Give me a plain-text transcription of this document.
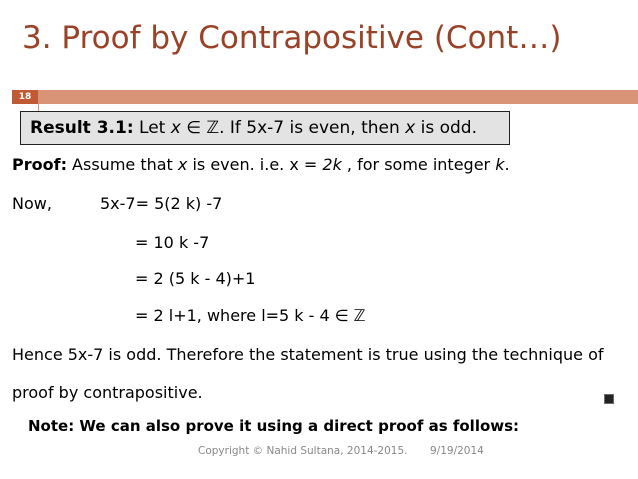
3. Proof by Contrapositive (Cont…)
18
Result 3.1: Let x ∈ ℤ. If 5x-7 is even, then x is odd.
Proof: Assume that x is even. i.e. x = 2k , for some integer k.
Now,	5x-7= 5(2 k) -7
= 10 k -7
= 2 (5 k - 4)+1
= 2 l+1, where l=5 k - 4 ∈ ℤ
Hence 5x-7 is odd. Therefore the statement is true using the technique of
proof by contrapositive.
Note: We can also prove it using a direct proof as follows:
Copyright © Nahid Sultana, 2014-2015. 9/19/2014
